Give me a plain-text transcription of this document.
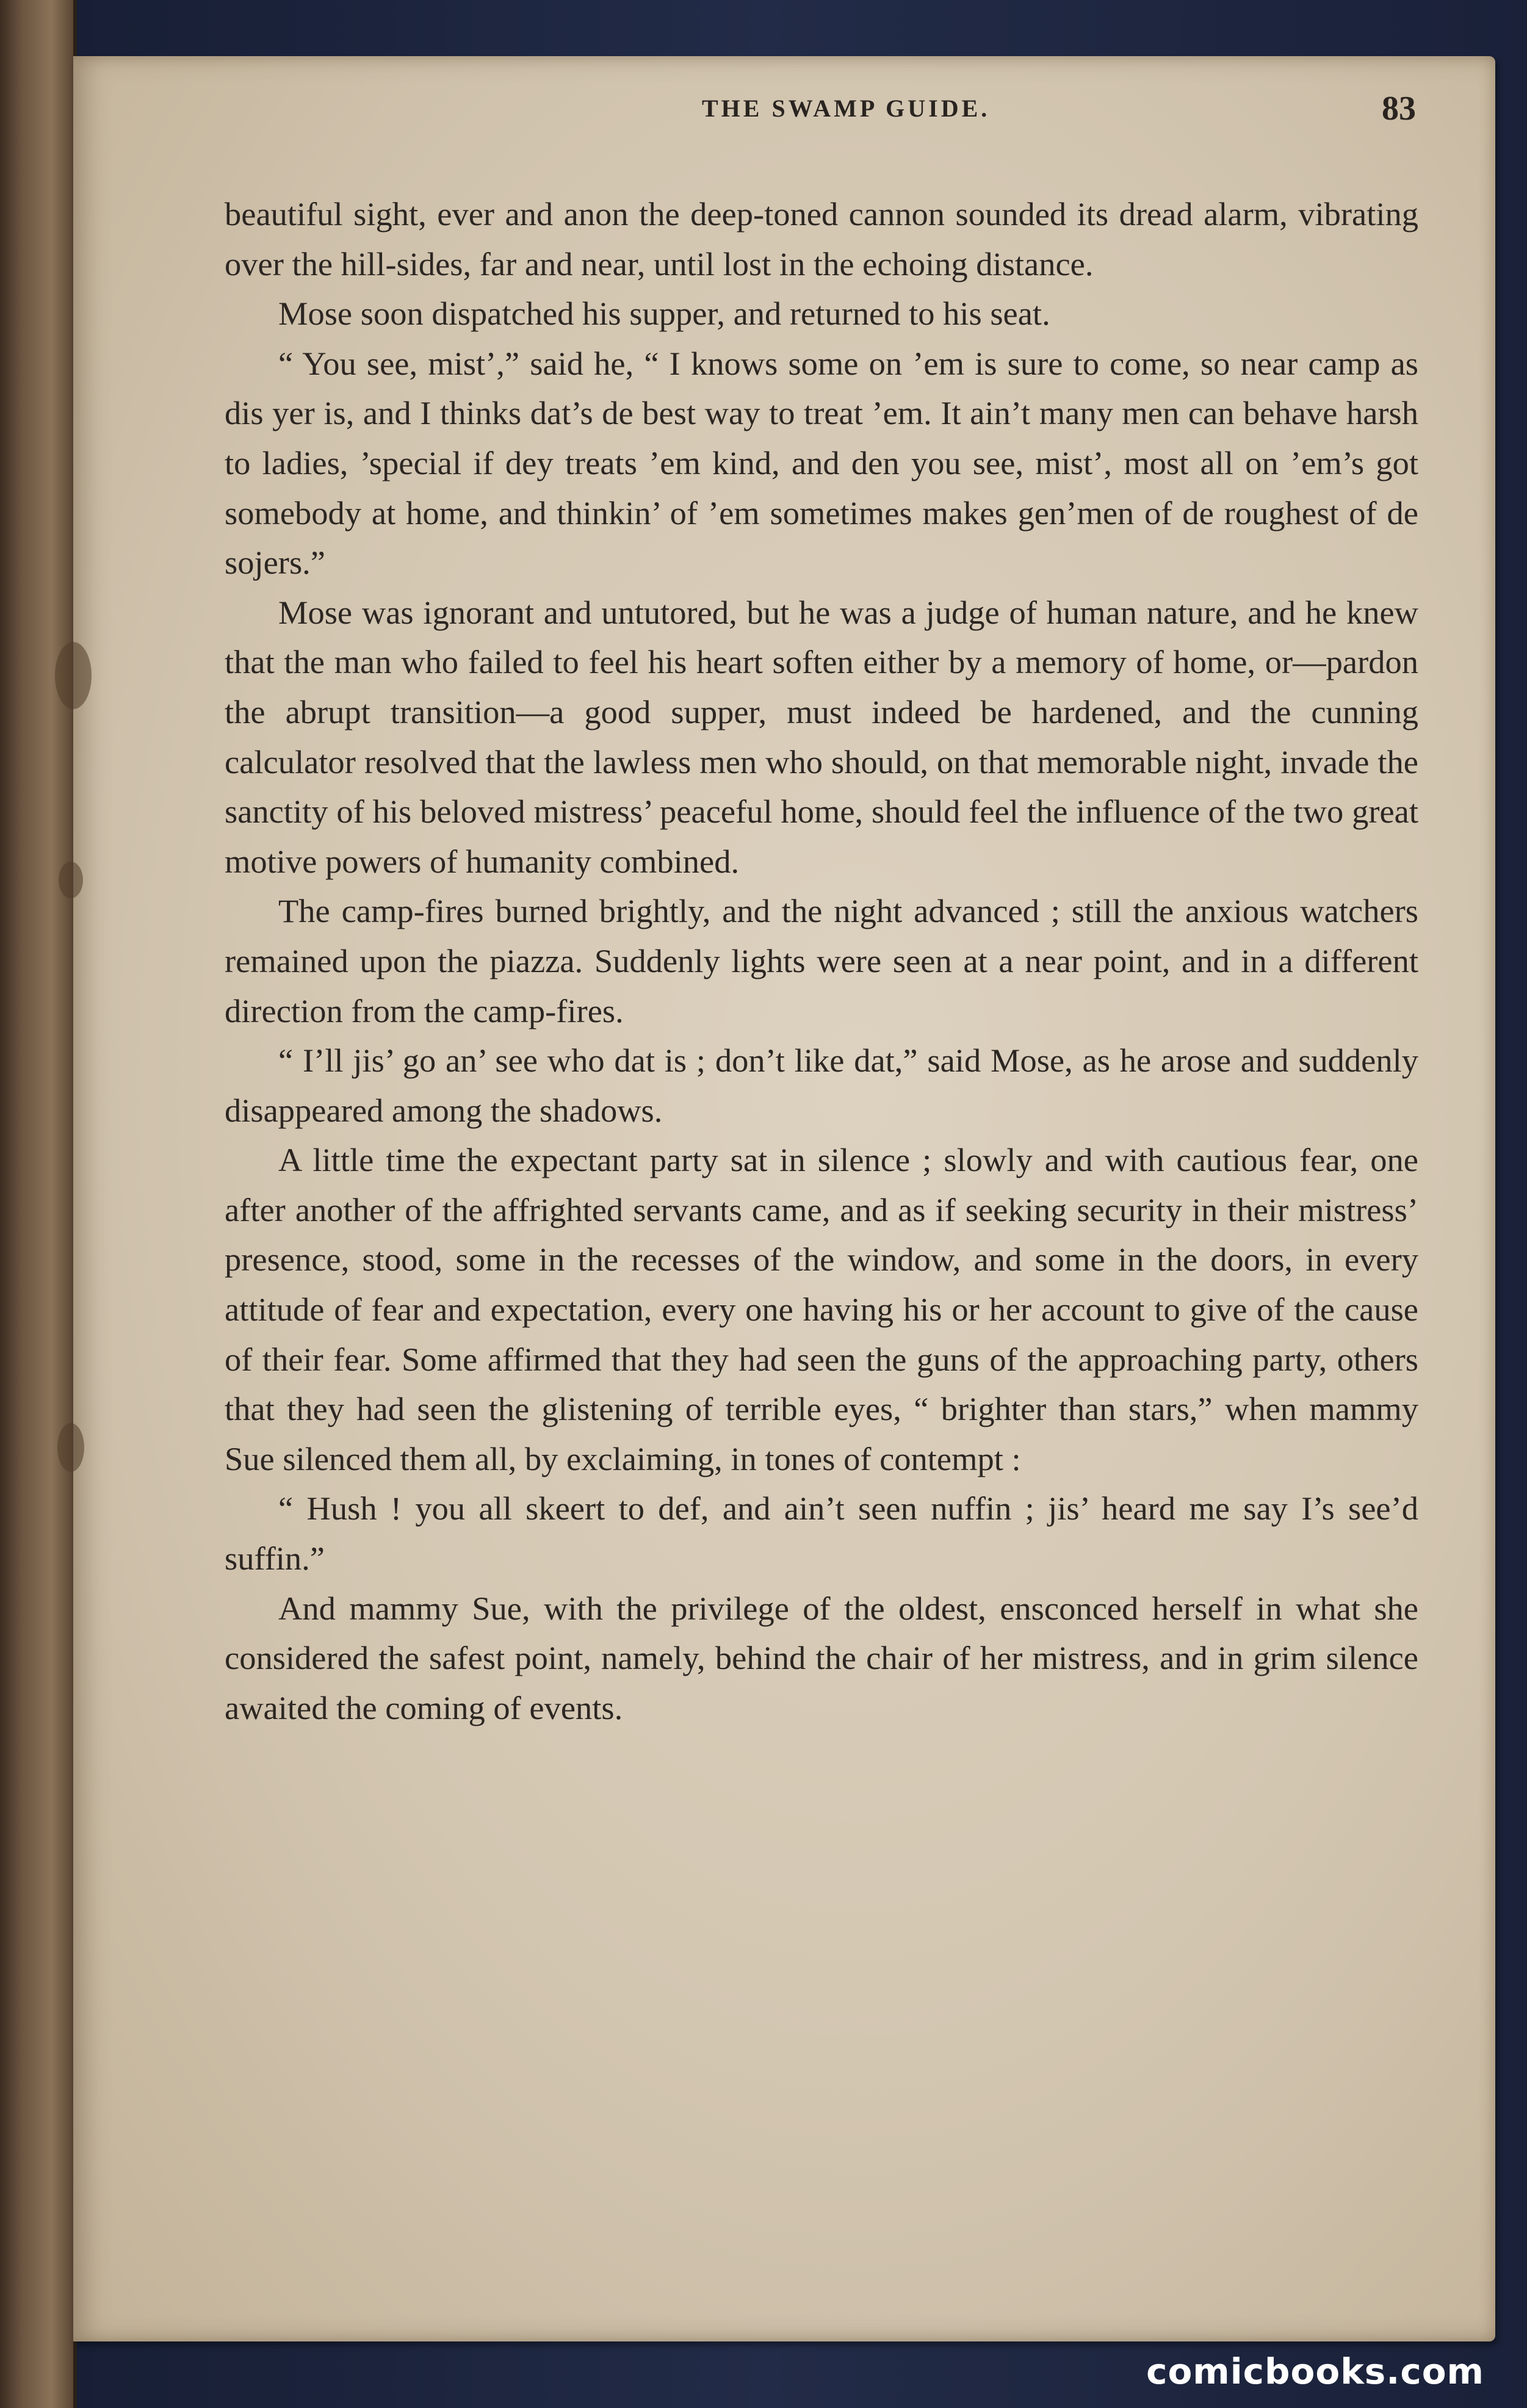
THE SWAMP GUIDE.	83

beautiful sight, ever and anon the deep-toned cannon sounded its dread alarm, vibrating over the hill-sides, far and near, until lost in the echoing distance.

Mose soon dispatched his supper, and returned to his seat.

“ You see, mist’,” said he, “ I knows some on ’em is sure to come, so near camp as dis yer is, and I thinks dat’s de best way to treat ’em. It ain’t many men can behave harsh to ladies, ’special if dey treats ’em kind, and den you see, mist’, most all on ’em’s got somebody at home, and thinkin’ of ’em sometimes makes gen’men of de roughest of de sojers.”

Mose was ignorant and untutored, but he was a judge of human nature, and he knew that the man who failed to feel his heart soften either by a memory of home, or—pardon the abrupt transition—a good supper, must indeed be hardened, and the cunning calculator resolved that the lawless men who should, on that memorable night, invade the sanctity of his beloved mistress’ peaceful home, should feel the influence of the two great motive powers of humanity combined.

The camp-fires burned brightly, and the night advanced ; still the anxious watchers remained upon the piazza. Suddenly lights were seen at a near point, and in a different direction from the camp-fires.

“ I’ll jis’ go an’ see who dat is ; don’t like dat,” said Mose, as he arose and suddenly disappeared among the shadows.

A little time the expectant party sat in silence ; slowly and with cautious fear, one after another of the affrighted servants came, and as if seeking security in their mistress’ presence, stood, some in the recesses of the window, and some in the doors, in every attitude of fear and expectation, every one having his or her account to give of the cause of their fear. Some affirmed that they had seen the guns of the approaching party, others that they had seen the glistening of terrible eyes, “ brighter than stars,” when mammy Sue silenced them all, by exclaiming, in tones of contempt :

“ Hush ! you all skeert to def, and ain’t seen nuffin ; jis’ heard me say I’s see’d suffin.”

And mammy Sue, with the privilege of the oldest, ensconced herself in what she considered the safest point, namely, behind the chair of her mistress, and in grim silence awaited the coming of events.

comicbooks.com
